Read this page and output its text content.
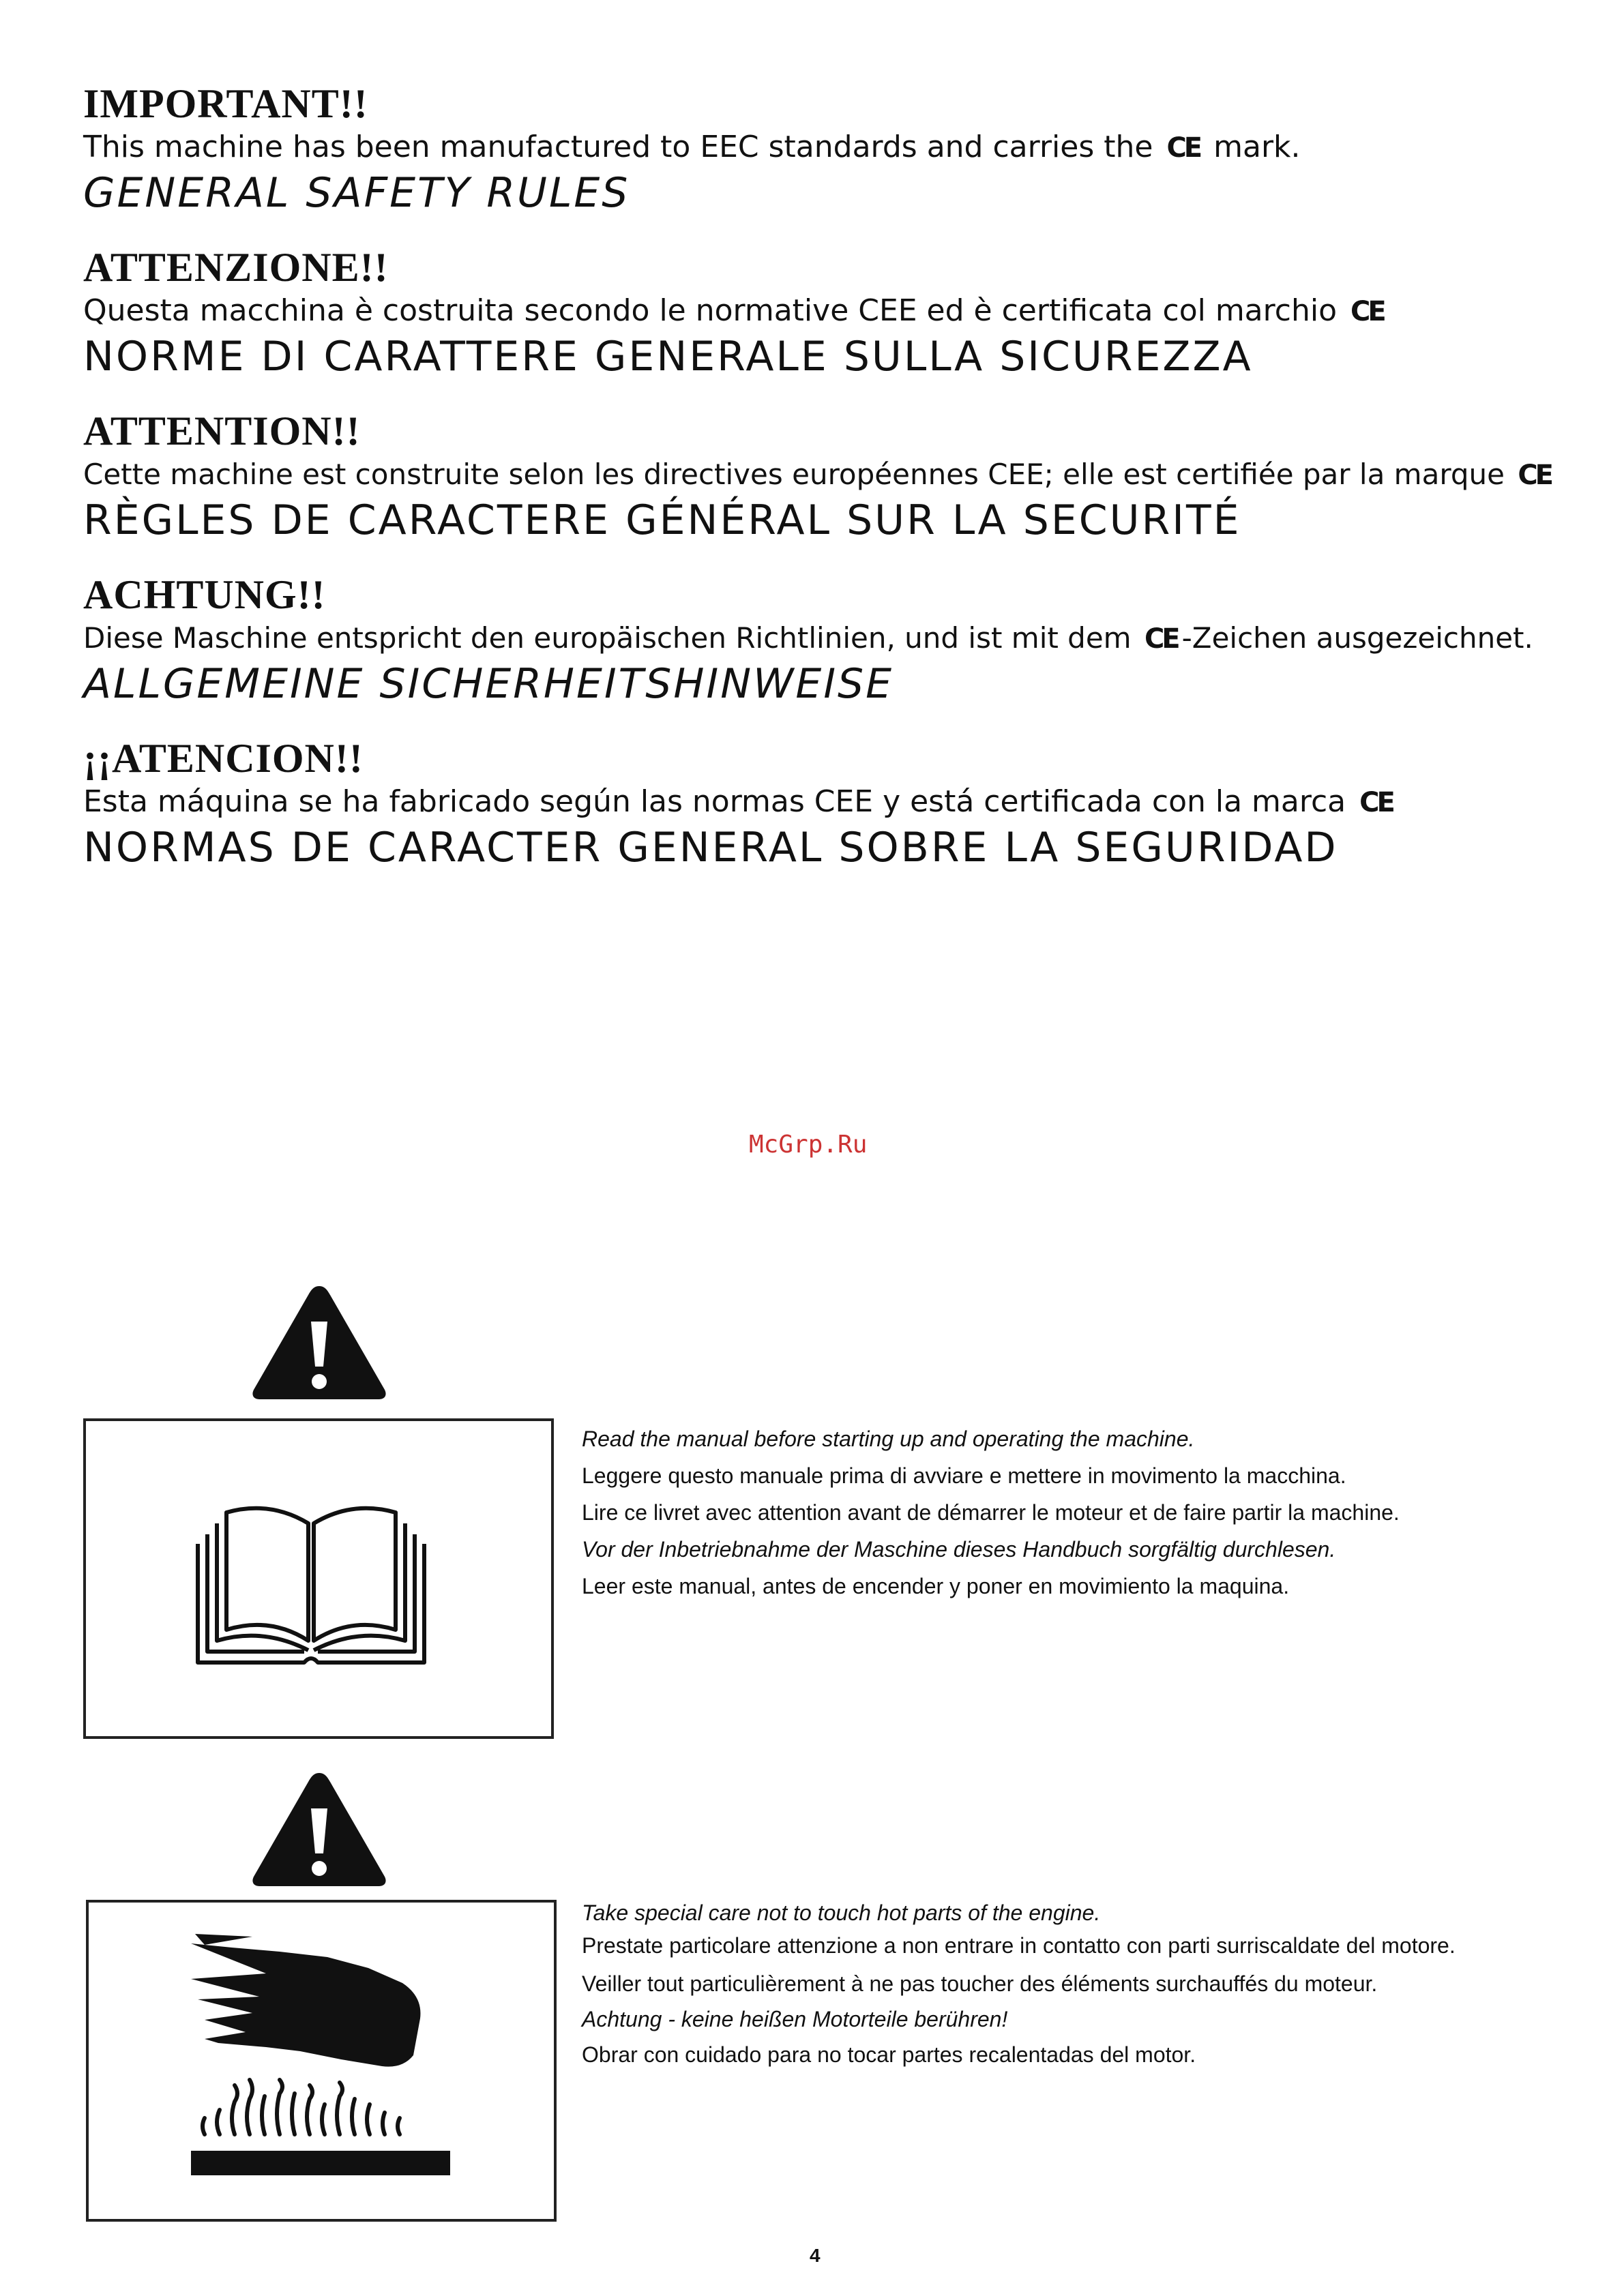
IMPORTANT!!

This machine has been manufactured to EEC standards and carries the CE mark.

GENERAL SAFETY RULES

ATTENZIONE!!

Questa macchina è costruita secondo le normative CEE ed è certificata col marchio CE

NORME DI CARATTERE GENERALE SULLA SICUREZZA

ATTENTION!!

Cette machine est construite selon les directives européennes CEE; elle est certifiée par la marque CE

RÈGLES DE CARACTERE GÉNÉRAL SUR LA SECURITÉ

ACHTUNG!!

Diese Maschine entspricht den europäischen Richtlinien, und ist mit dem CE -Zeichen ausgezeichnet.

ALLGEMEINE SICHERHEITSHINWEISE

¡¡ATENCION!!

Esta máquina se ha fabricado según las normas CEE y está certificada con la marca CE

NORMAS DE CARACTER GENERAL SOBRE LA SEGURIDAD

McGrp.Ru

Read the manual before starting up and operating the machine.

Leggere questo manuale prima di avviare e mettere in movimento la macchina.

Lire ce livret avec attention avant de démarrer le moteur et de faire partir la machine.

Vor der Inbetriebnahme der Maschine dieses Handbuch sorgfältig durchlesen.

Leer este manual, antes de encender y poner en movimiento la maquina.

Take special care not to touch hot parts of the engine.

Prestate particolare attenzione a non entrare in contatto con parti surriscaldate del motore.

Veiller tout particulièrement à ne pas toucher des éléments surchauffés du moteur.

Achtung - keine heißen Motorteile berühren!

Obrar con cuidado para no tocar partes recalentadas del motor.

4
